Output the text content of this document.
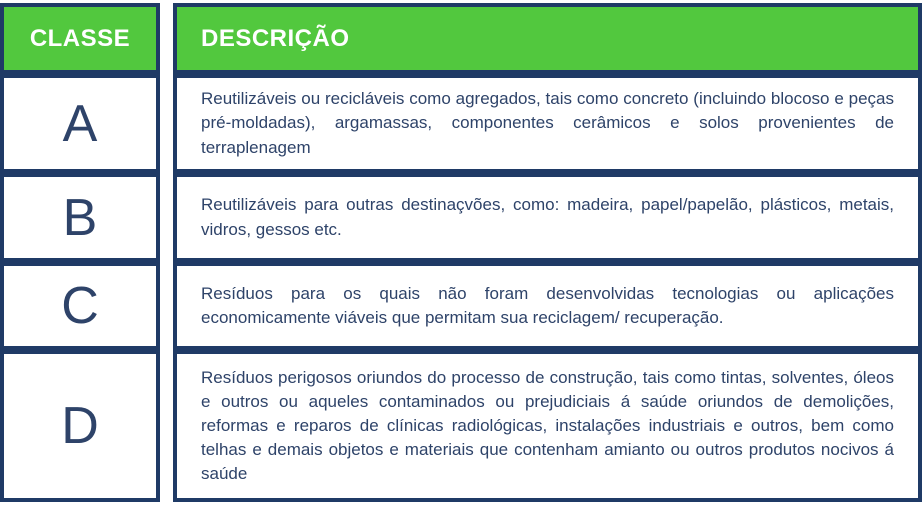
CLASSE
A
B
C
D
DESCRIÇÃO

Reutilizáveis ou recicláveis como agregados, tais como concreto (incluindo blocoso e peças pré-moldadas), argamassas, componentes cerâmicos e solos provenientes de terraplenagem

Reutilizáveis para outras destinaçvões, como: madeira, papel/papelão, plásticos, metais, vidros, gessos etc.

Resíduos para os quais não foram desenvolvidas tecnologias ou aplicações economicamente viáveis que permitam sua reciclagem/ recuperação.

Resíduos perigosos oriundos do processo de construção, tais como tintas, solventes, óleos e outros ou aqueles contaminados ou prejudiciais á saúde oriundos de demolições, reformas e reparos de clínicas radiológicas, instalações industriais e outros, bem como telhas e demais objetos e materiais que contenham amianto ou outros produtos nocivos á saúde
